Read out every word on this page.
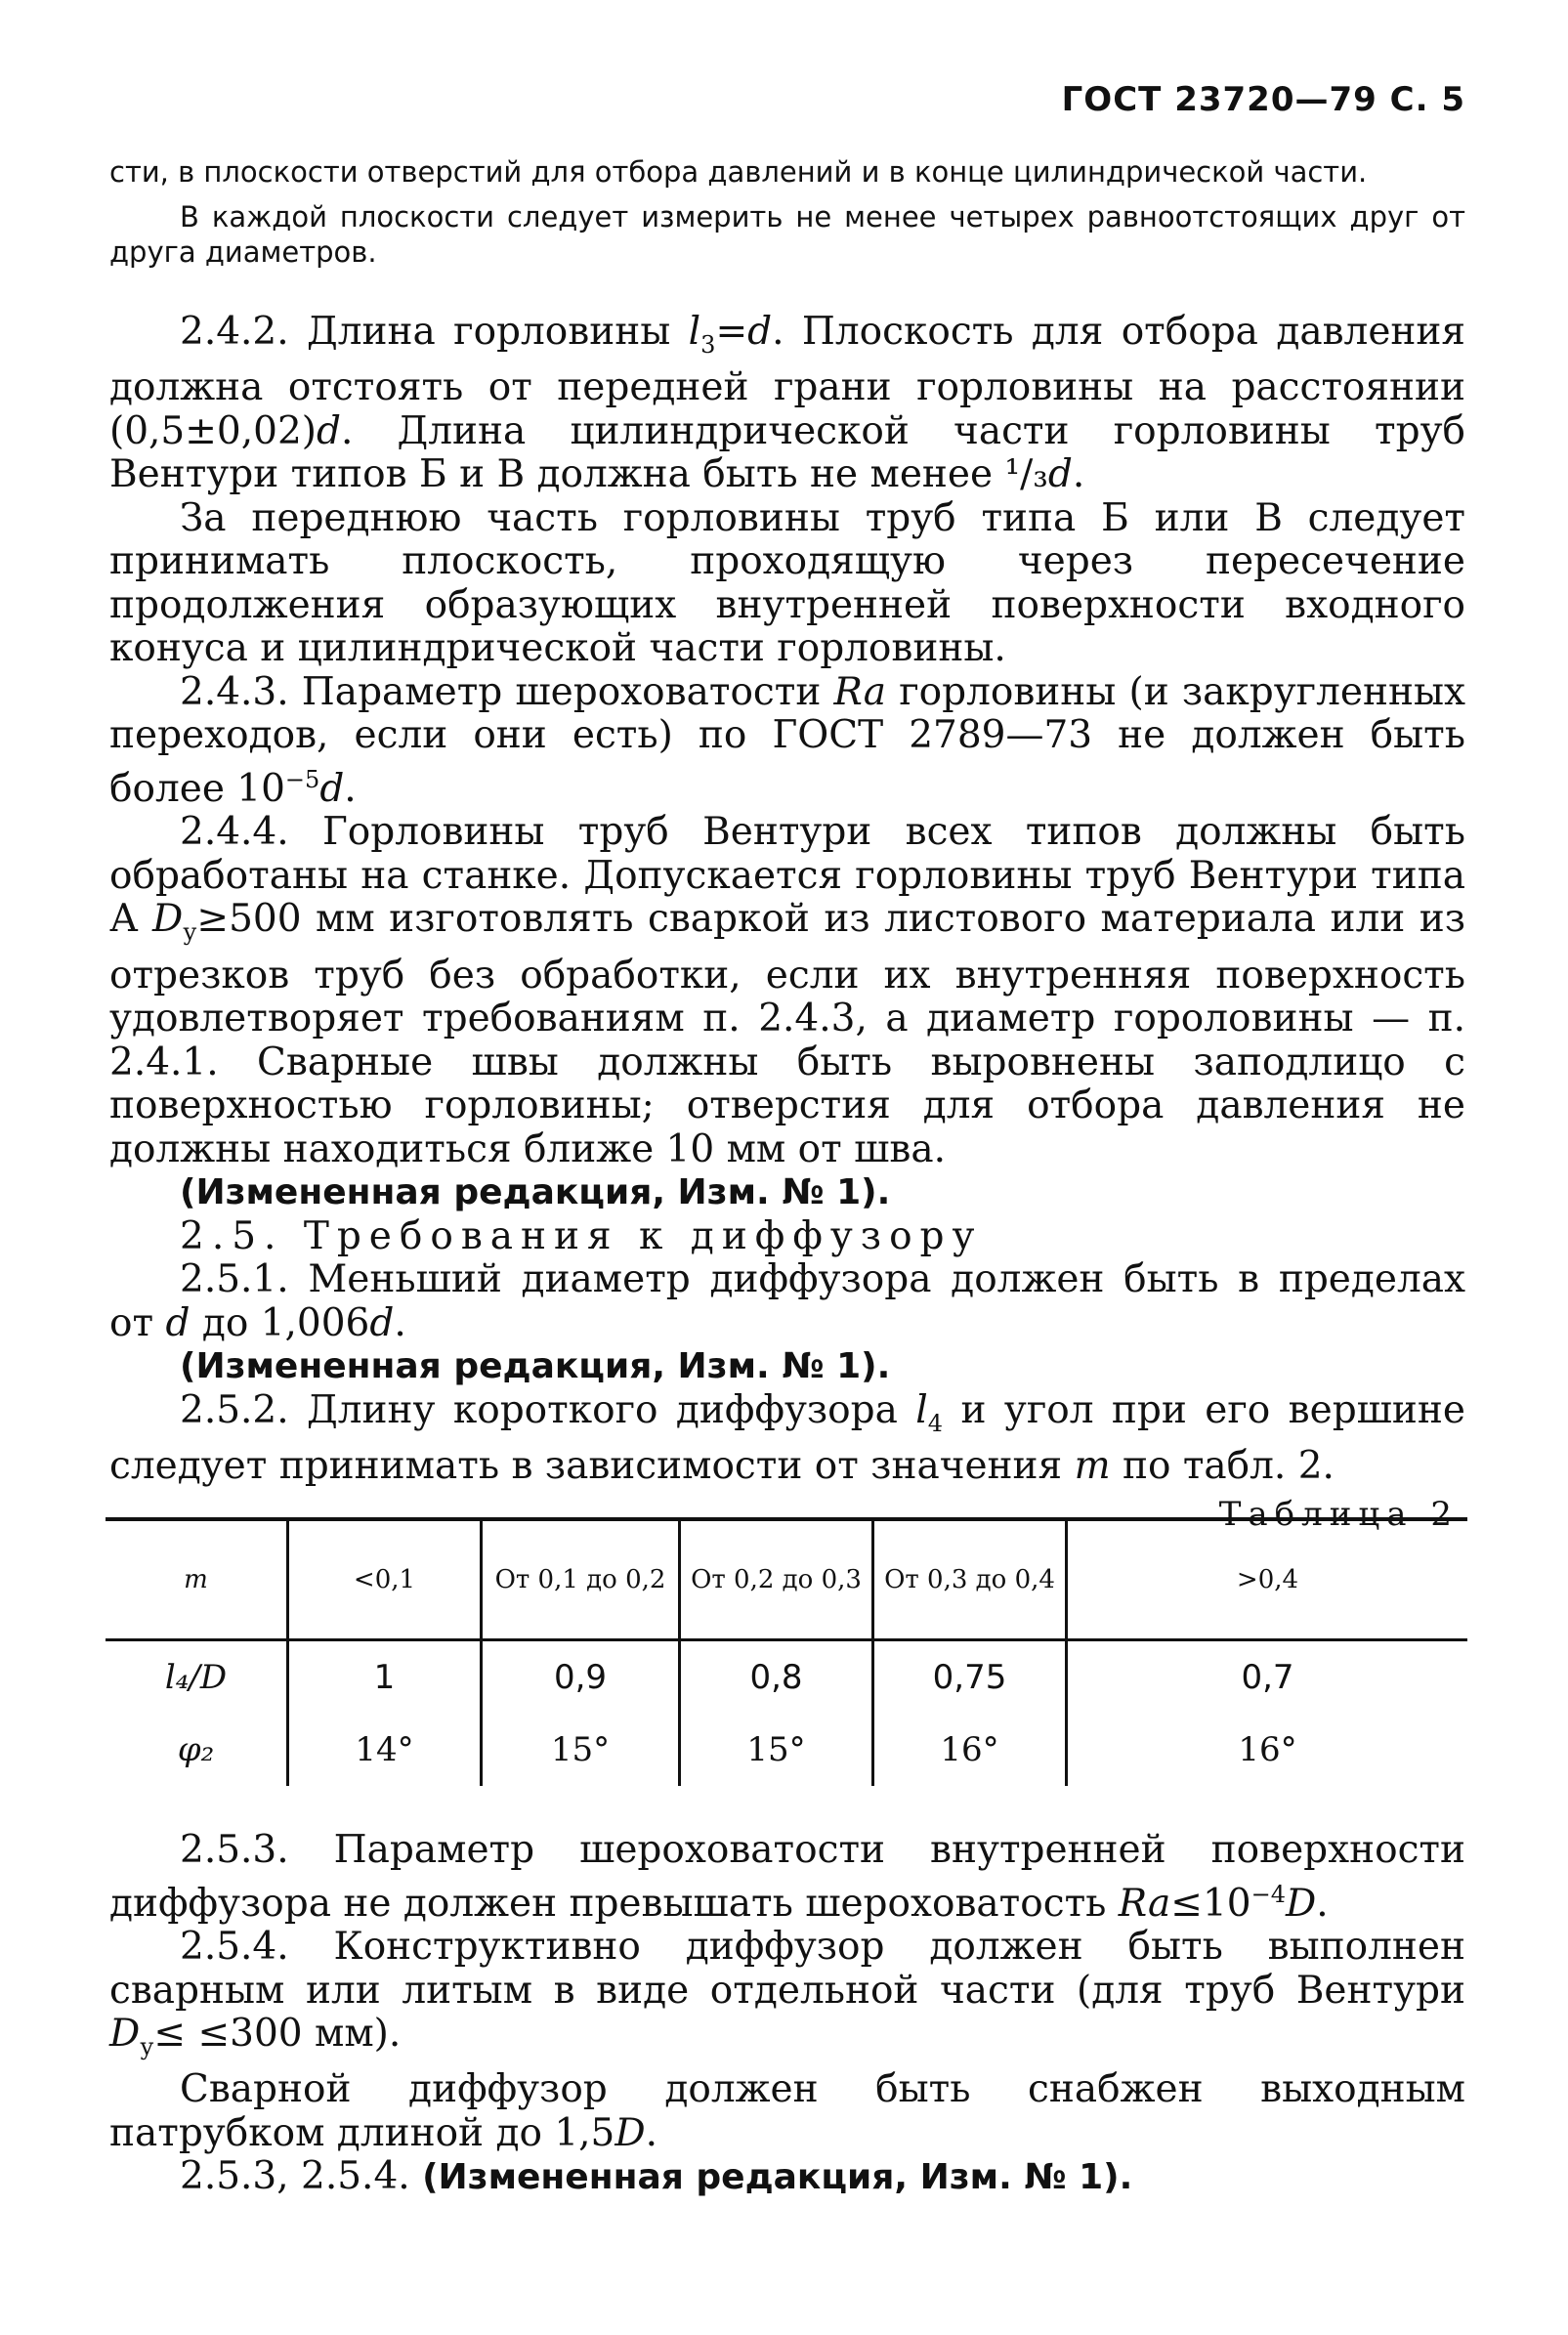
ГОСТ 23720—79 С. 5

сти, в плоскости отверстий для отбора давлений и в конце цилиндрической части.

В каждой плоскости следует измерить не менее четырех равноотстоящих друг от друга диаметров.

2.4.2. Длина горловины $l_3=d$. Плоскость для отбора давления должна отстоять от передней грани горловины на расстоянии (0,5±0,02)d. Длина цилиндрической части горловины труб Вентури типов Б и В должна быть не менее ¹/₃d.

За переднюю часть горловины труб типа Б или В следует принимать плоскость, проходящую через пересечение продолжения образующих внутренней поверхности входного конуса и цилиндрической части горловины.

2.4.3. Параметр шероховатости Ra горловины (и закругленных переходов, если они есть) по ГОСТ 2789—73 не должен быть более $10^{-5}d$.

2.4.4. Горловины труб Вентури всех типов должны быть обработаны на станке. Допускается горловины труб Вентури типа А $D_у\ge 500$ мм изготовлять сваркой из листового материала или из отрезков труб без обработки, если их внутренняя поверхность удовлетворяет требованиям п. 2.4.3, а диаметр гороловины — п. 2.4.1. Сварные швы должны быть выровнены заподлицо с поверхностью горловины; отверстия для отбора давления не должны находиться ближе 10 мм от шва.

(Измененная редакция, Изм. № 1).

2.5. Требования к диффузору

2.5.1. Меньший диаметр диффузора должен быть в пределах от d до 1,006d.

(Измененная редакция, Изм. № 1).

2.5.2. Длину короткого диффузора $l_4$ и угол при его вершине следует принимать в зависимости от значения m по табл. 2.

Таблица 2
m	<0,1	От 0,1 до 0,2	От 0,2 до 0,3	От 0,3 до 0,4	>0,4
l₄/D	1	0,9	0,8	0,75	0,7
φ₂	14°	15°	15°	16°	16°

2.5.3. Параметр шероховатости внутренней поверхности диффузора не должен превышать шероховатость $Ra\le 10^{-4}D$.

2.5.4. Конструктивно диффузор должен быть выполнен сварным или литым в виде отдельной части (для труб Вентури $D_у\le \le 300$ мм).

Сварной диффузор должен быть снабжен выходным патрубком длиной до 1,5D.

2.5.3, 2.5.4. (Измененная редакция, Изм. № 1).
